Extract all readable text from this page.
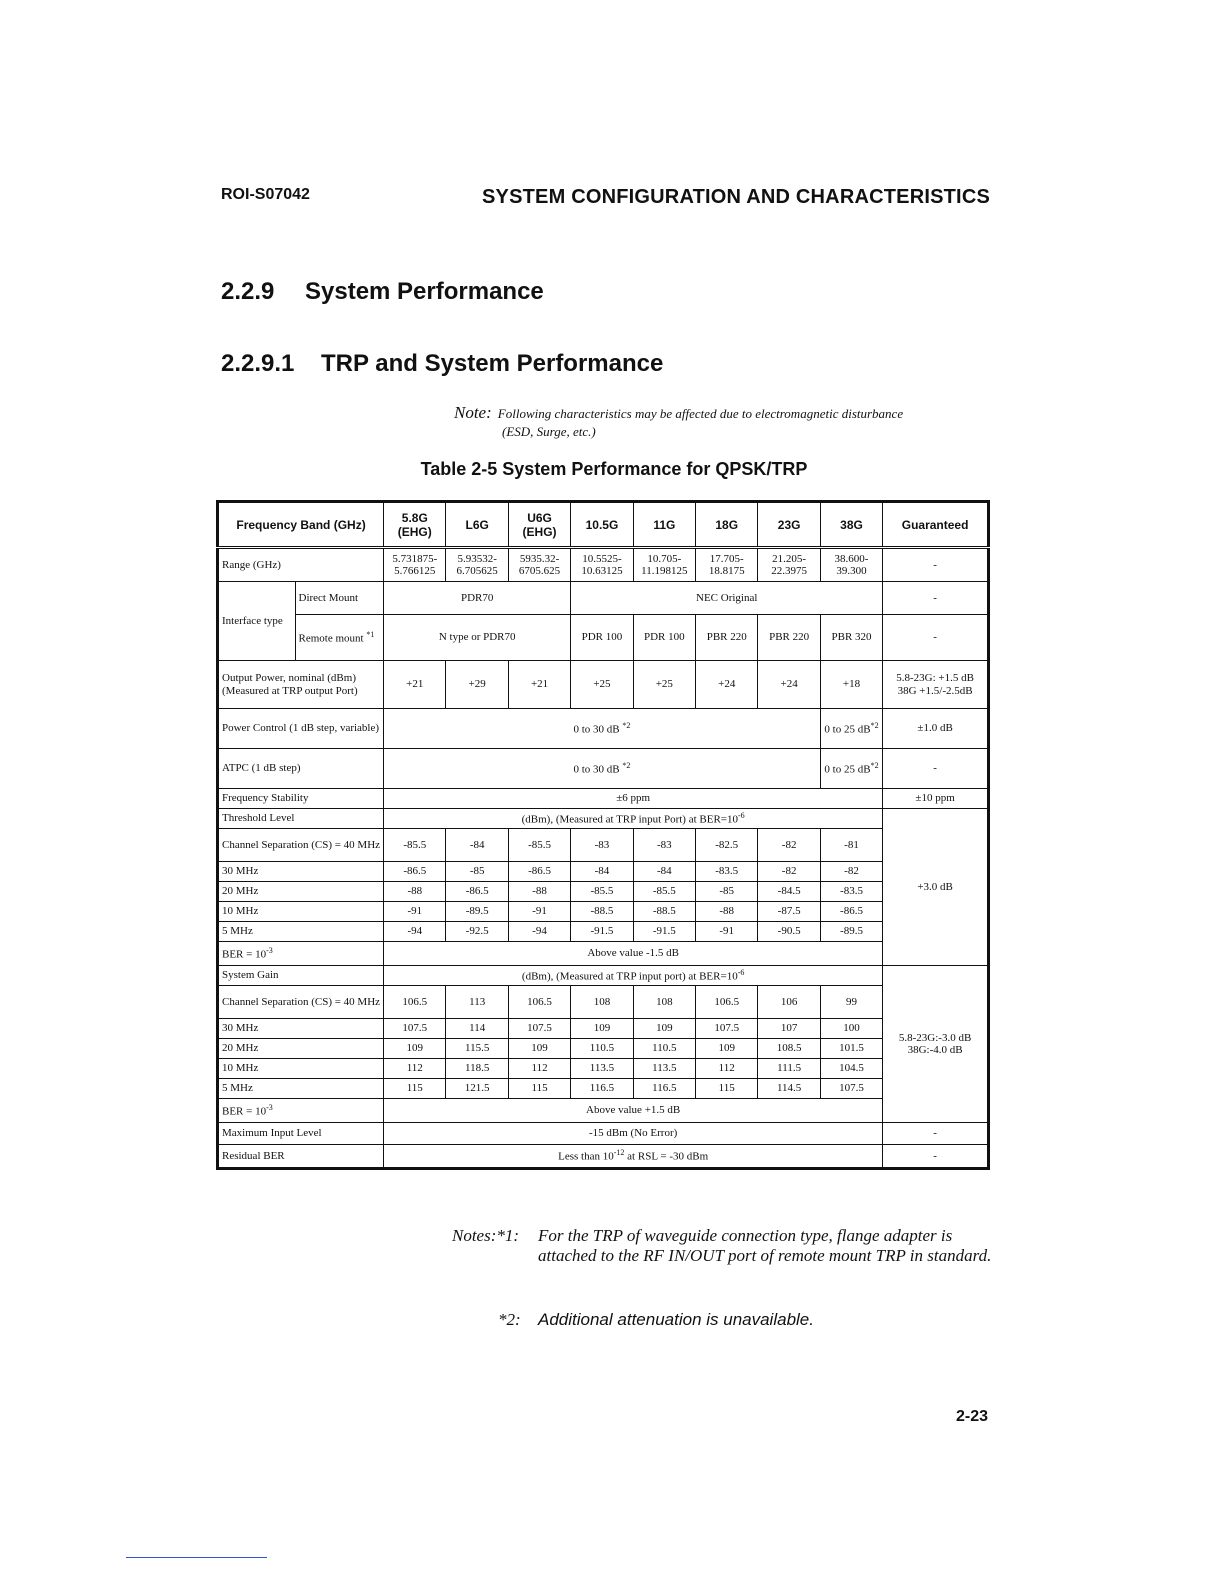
ROI-S07042	SYSTEM CONFIGURATION AND CHARACTERISTICS
2.2.9 System Performance
2.2.9.1 TRP and System Performance
Note: Following characteristics may be affected due to electromagnetic disturbance
(ESD, Surge, etc.)
Table 2-5 System Performance for QPSK/TRP
Frequency Band (GHz)		5.8G (EHG)	L6G	U6G (EHG)	10.5G	11G	18G	23G	38G	Guaranteed
Range (GHz)		5.731875-5.766125	5.93532-6.705625	5935.32-6705.625	10.5525-10.63125	10.705-11.198125	17.705-18.8175	21.205-22.3975	38.600-39.300	-
Interface type	Direct Mount	PDR70			NEC Original					-
	Remote mount $^{*1}$	N type or PDR70			PDR 100	PDR 100	PBR 220	PBR 220	PBR 320	-
Output Power, nominal (dBm) (Measured at TRP output Port)		+21	+29	+21	+25	+25	+24	+24	+18	5.8-23G: +1.5 dB 38G +1.5/-2.5dB
Power Control (1 dB step, variable)		0 to 30 dB $^{*2}$							0 to 25 $dB^{*2}$	±1.0 dB
ATPC (1 dB step)		0 to 30 dB $^{*2}$							0 to 25 $dB^{*2}$	-
Frequency Stability		±6 ppm								±10 ppm
Threshold Level		(dBm), (Measured at TRP input Port) at $BER=10^{-6}$								+3.0 dB
Channel Separation (CS) = 40 MHz		-85.5	-84	-85.5	-83	-83	-82.5	-82	-81	
30 MHz		-86.5	-85	-86.5	-84	-84	-83.5	-82	-82	
20 MHz		-88	-86.5	-88	-85.5	-85.5	-85	-84.5	-83.5	
10 MHz		-91	-89.5	-91	-88.5	-88.5	-88	-87.5	-86.5	
5 MHz		-94	-92.5	-94	-91.5	-91.5	-91	-90.5	-89.5	
BER = $10^{-3}$		Above value -1.5 dB								
System Gain		(dBm), (Measured at TRP input port) at $BER=10^{-6}$								5.8-23G:-3.0 dB 38G:-4.0 dB
Channel Separation (CS) = 40 MHz		106.5	113	106.5	108	108	106.5	106	99	
30 MHz		107.5	114	107.5	109	109	107.5	107	100	
20 MHz		109	115.5	109	110.5	110.5	109	108.5	101.5	
10 MHz		112	118.5	112	113.5	113.5	112	111.5	104.5	
5 MHz		115	121.5	115	116.5	116.5	115	114.5	107.5	
BER = $10^{-3}$		Above value +1.5 dB								
Maximum Input Level		-15 dBm (No Error)								-
Residual BER		Less than $10^{-12}$ at RSL = -30 dBm								-
Notes:*1:	For the TRP of waveguide connection type, flange adapter is attached to the RF IN/OUT port of remote mount TRP in standard.
*2: Additional attenuation is unavailable.
2-23
